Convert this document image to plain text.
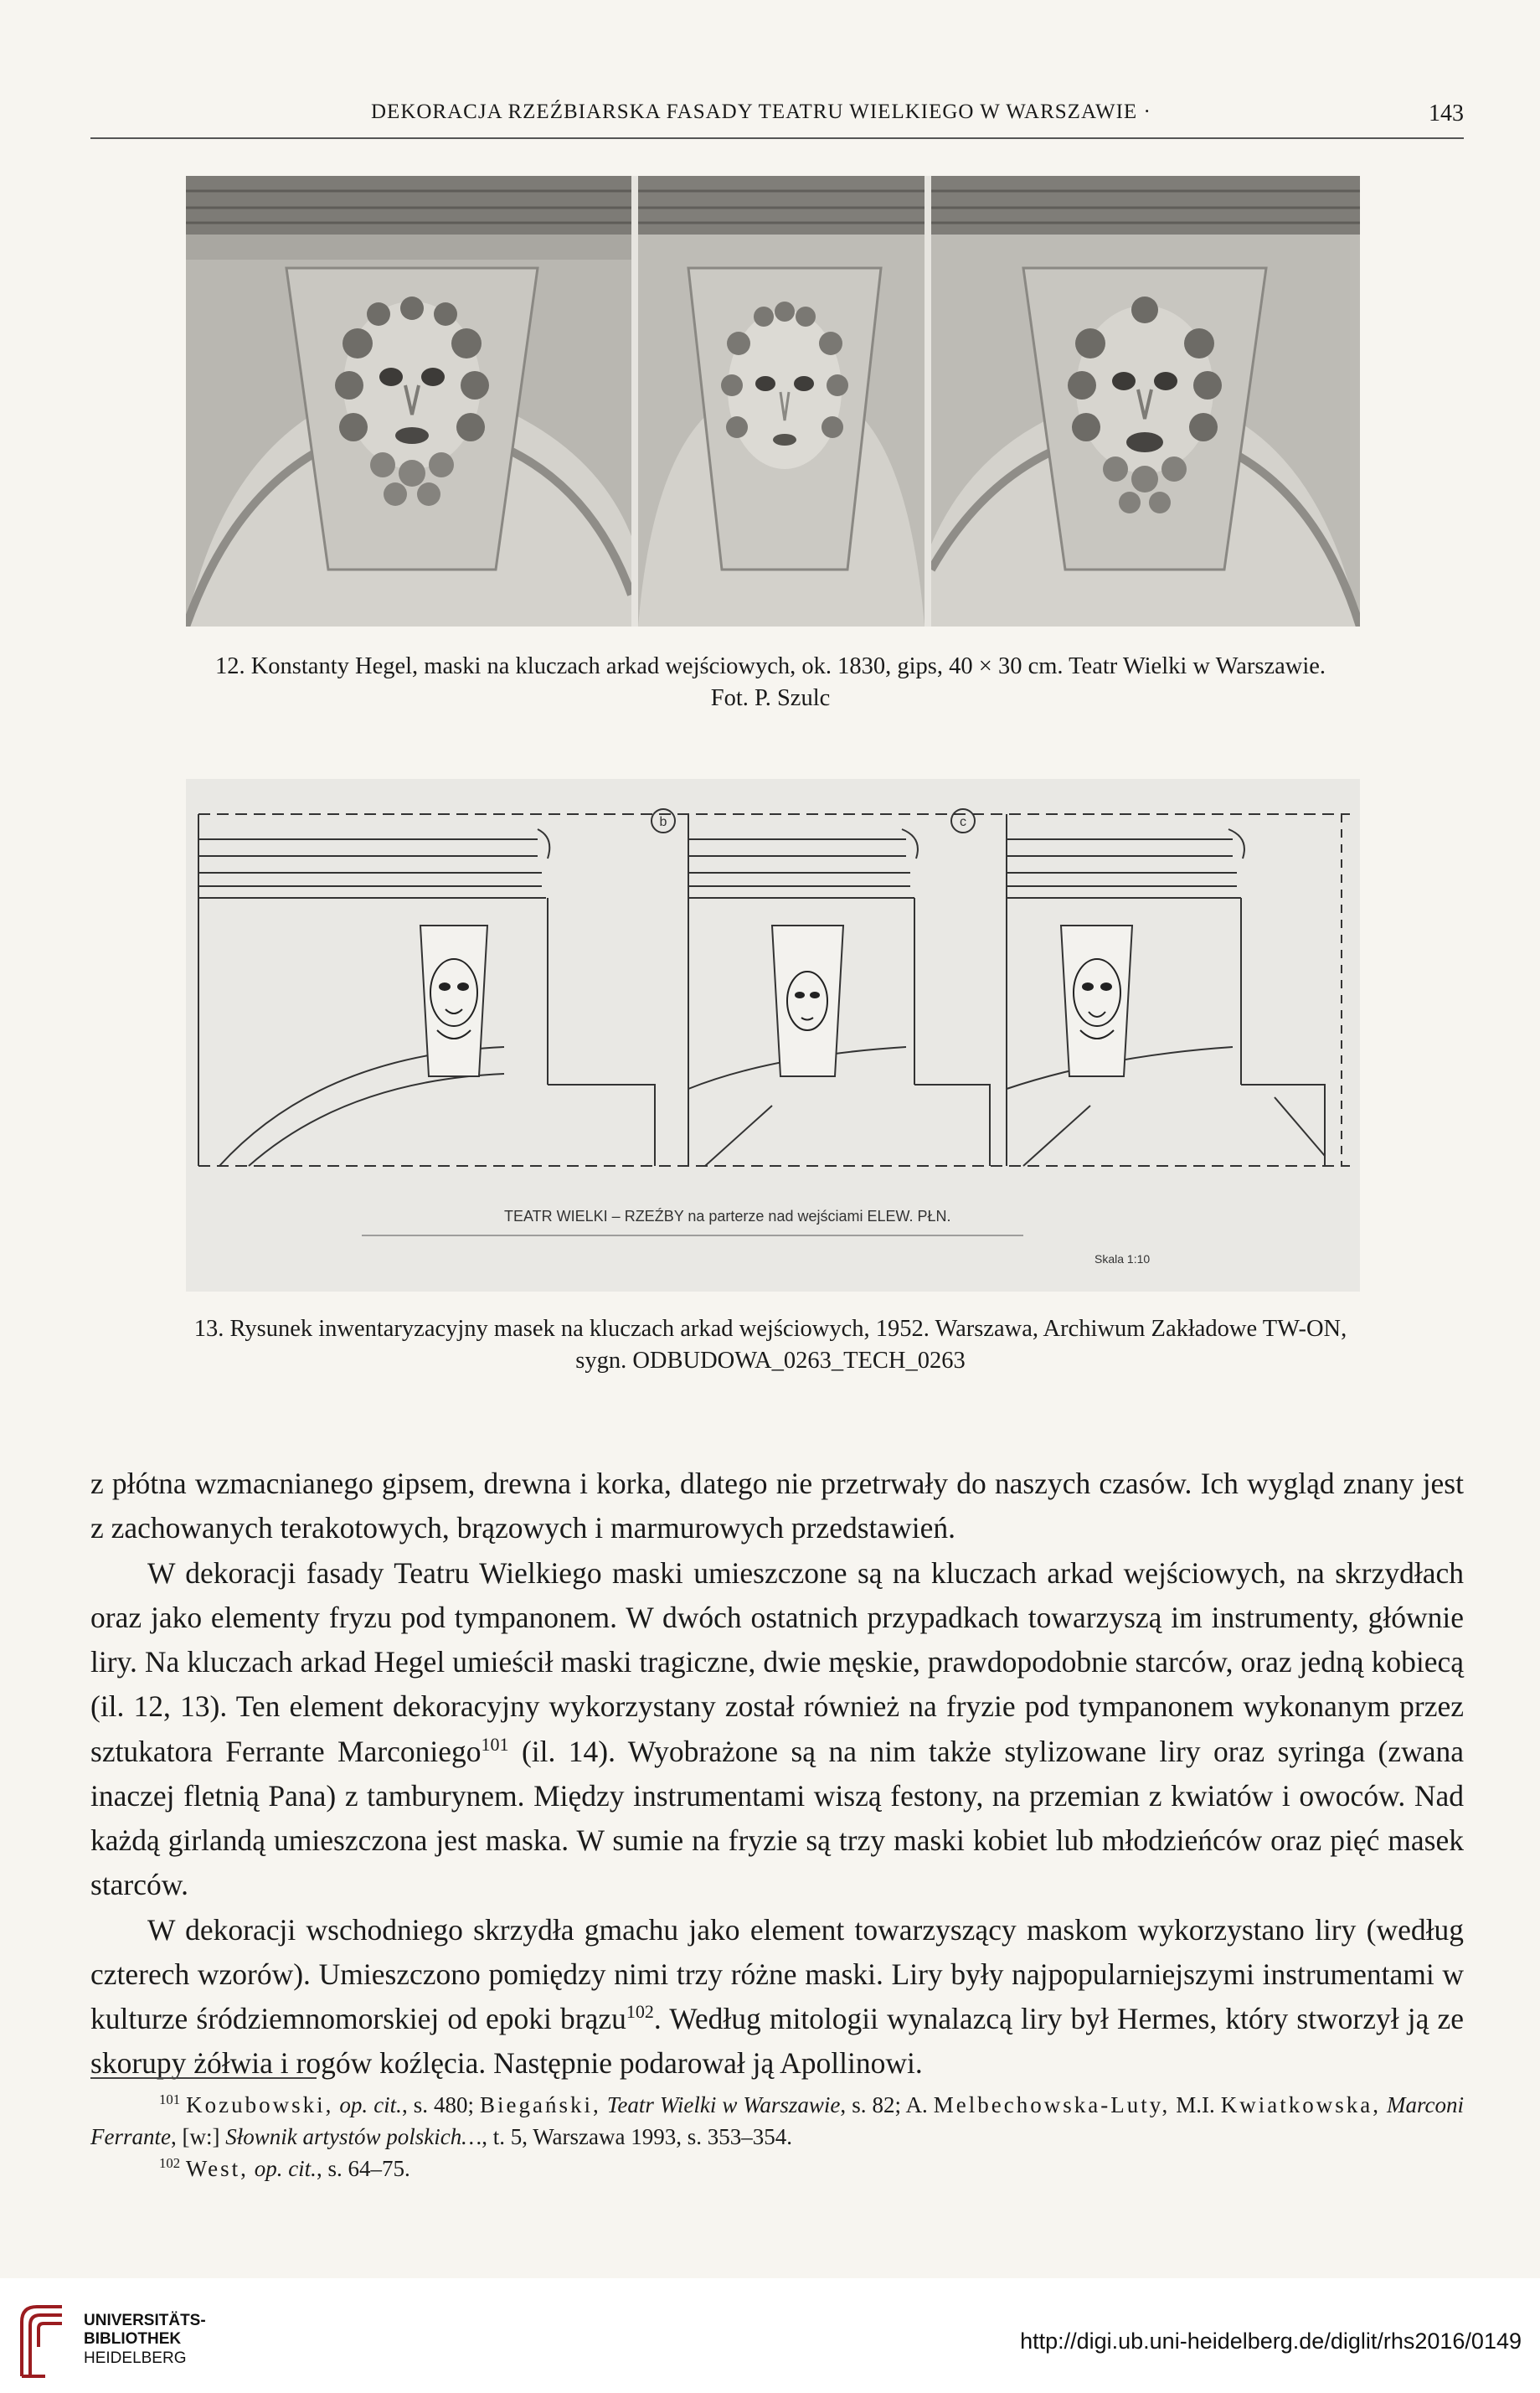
DEKORACJA RZEŹBIARSKA FASADY TEATRU WIELKIEGO W WARSZAWIE ·	143
12. Konstanty Hegel, maski na kluczach arkad wejściowych, ok. 1830, gips, 40 × 30 cm. Teatr Wielki w Warszawie.
Fot. P. Szulc
b	c
TEATR WIELKI – RZEŹBY na parterze nad wejściami ELEW. PŁN.
Skala 1:10
13. Rysunek inwentaryzacyjny masek na kluczach arkad wejściowych, 1952. Warszawa, Archiwum Zakładowe TW-ON,
sygn. ODBUDOWA_0263_TECH_0263

z płótna wzmacnianego gipsem, drewna i korka, dlatego nie przetrwały do naszych czasów. Ich wygląd znany jest z zachowanych terakotowych, brązowych i marmurowych przedstawień.

W dekoracji fasady Teatru Wielkiego maski umieszczone są na kluczach arkad wejściowych, na skrzydłach oraz jako elementy fryzu pod tympanonem. W dwóch ostatnich przypadkach towarzyszą im instrumenty, głównie liry. Na kluczach arkad Hegel umieścił maski tragiczne, dwie męskie, prawdopodobnie starców, oraz jedną kobiecą (il. 12, 13). Ten element dekoracyjny wykorzystany został również na fryzie pod tympanonem wykonanym przez sztukatora Ferrante Marconiego$^{101}$ (il. 14). Wyobrażone są na nim także stylizowane liry oraz syringa (zwana inaczej fletnią Pana) z tamburynem. Między instrumentami wiszą festony, na przemian z kwiatów i owoców. Nad każdą girlandą umieszczona jest maska. W sumie na fryzie są trzy maski kobiet lub młodzieńców oraz pięć masek starców.

W dekoracji wschodniego skrzydła gmachu jako element towarzyszący maskom wykorzystano liry (według czterech wzorów). Umieszczono pomiędzy nimi trzy różne maski. Liry były najpopularniejszymi instrumentami w kulturze śródziemnomorskiej od epoki brązu$^{102}$. Według mitologii wynalazcą liry był Hermes, który stworzył ją ze skorupy żółwia i rogów koźlęcia. Następnie podarował ją Apollinowi.

$^{101}$ Kozubowski, op. cit., s. 480; Biegański, Teatr Wielki w Warszawie, s. 82; A. Melbechowska-Luty, M.I. Kwiatkowska, Marconi Ferrante, [w:] Słownik artystów polskich…, t. 5, Warszawa 1993, s. 353–354.

$^{102}$ West, op. cit., s. 64–75.

UNIVERSITÄTS-
BIBLIOTHEK
HEIDELBERG
http://digi.ub.uni-heidelberg.de/diglit/rhs2016/0149
